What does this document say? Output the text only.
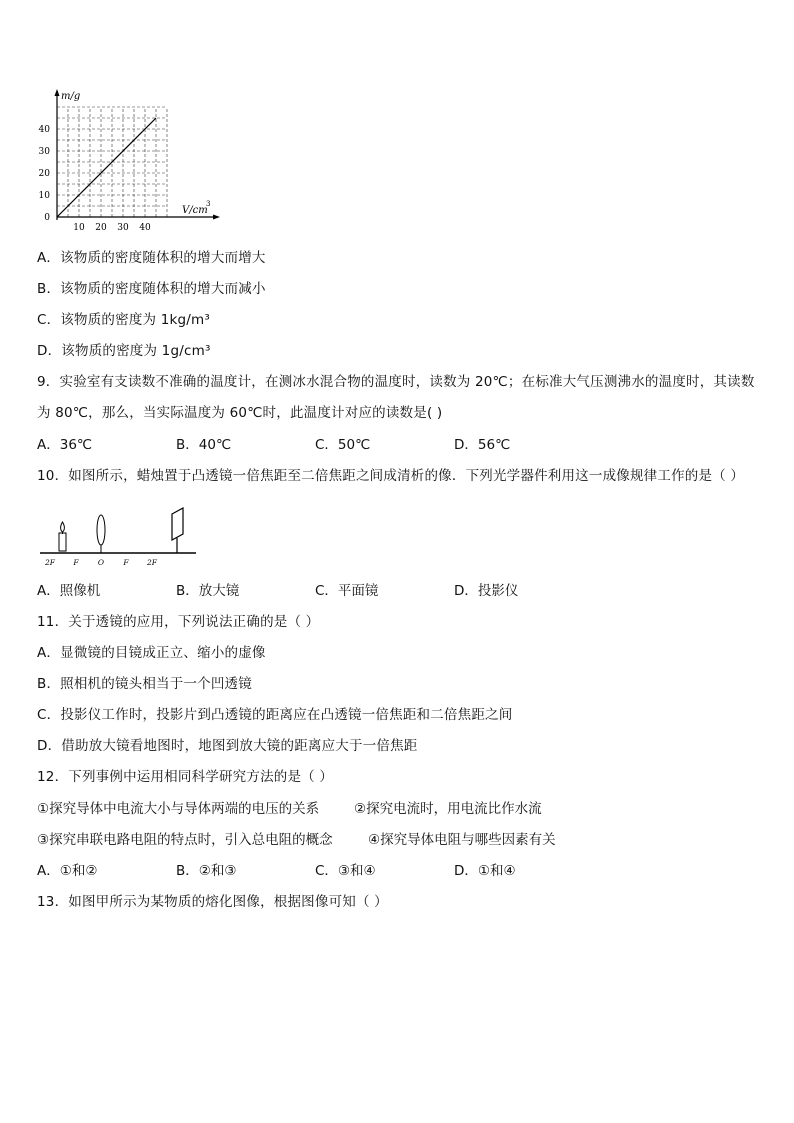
40
30
20
10
0
10 20 30 40
m/g
V/cm
3
A．该物质的密度随体积的增大而增大
B．该物质的密度随体积的增大而减小
C．该物质的密度为 1kg/m³
D．该物质的密度为 1g/cm³
9．实验室有支读数不准确的温度计，在测冰水混合物的温度时，读数为 20℃；在标准大气压测沸水的温度时，其读数
为 80℃，那么，当实际温度为 60℃时，此温度计对应的读数是( )
A．36℃	B．40℃	C．50℃	D．56℃
10．如图所示，蜡烛置于凸透镜一倍焦距至二倍焦距之间成清析的像．下列光学器件利用这一成像规律工作的是（ ）
2F F	O	F 2F
A．照像机	B．放大镜	C．平面镜	D．投影仪
11．关于透镜的应用，下列说法正确的是（ ）
A．显微镜的目镜成正立、缩小的虚像
B．照相机的镜头相当于一个凹透镜
C．投影仪工作时，投影片到凸透镜的距离应在凸透镜一倍焦距和二倍焦距之间
D．借助放大镜看地图时，地图到放大镜的距离应大于一倍焦距
12．下列事例中运用相同科学研究方法的是（ ）
①探究导体中电流大小与导体两端的电压的关系	②探究电流时，用电流比作水流
③探究串联电路电阻的特点时，引入总电阻的概念	④探究导体电阻与哪些因素有关
A．①和②	B．②和③	C．③和④	D．①和④
13．如图甲所示为某物质的熔化图像，根据图像可知（ ）
